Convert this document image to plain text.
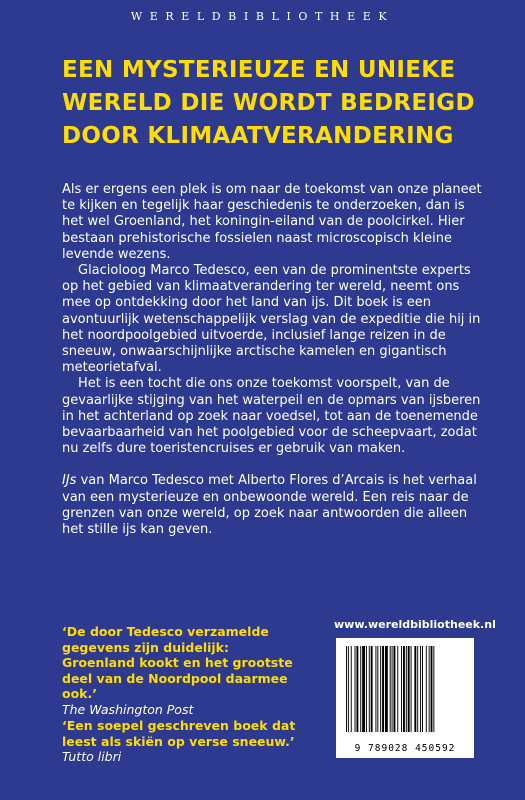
WERELDBIBLIOTHEEK
EEN MYSTERIEUZE EN UNIEKE
WERELD DIE WORDT BEDREIGD
DOOR KLIMAATVERANDERING

Als er ergens een plek is om naar de toekomst van onze planeet te kijken en tegelijk haar geschiedenis te onderzoeken, dan is het wel Groenland, het koningin-eiland van de poolcirkel. Hier bestaan prehistorische fossielen naast microscopisch kleine levende wezens.

Glacioloog Marco Tedesco, een van de prominentste experts op het gebied van klimaatverandering ter wereld, neemt ons mee op ontdekking door het land van ijs. Dit boek is een avontuurlijk wetenschappelijk verslag van de expeditie die hij in het noordpoolgebied uitvoerde, inclusief lange reizen in de sneeuw, onwaarschijnlijke arctische kamelen en gigantisch meteorietafval.

Het is een tocht die ons onze toekomst voorspelt, van de gevaarlijke stijging van het waterpeil en de opmars van ijsberen in het achterland op zoek naar voedsel, tot aan de toenemende bevaarbaarheid van het poolgebied voor de scheepvaart, zodat nu zelfs dure toeristencruises er gebruik van maken.

IJs van Marco Tedesco met Alberto Flores d’Arcais is het verhaal van een mysterieuze en onbewoonde wereld. Een reis naar de grenzen van onze wereld, op zoek naar antwoorden die alleen het stille ijs kan geven.

‘De door Tedesco verzamelde gegevens zijn duidelijk: Groenland kookt en het grootste deel van de Noordpool daarmee ook.’
The Washington Post
‘Een soepel geschreven boek dat leest als skiën op verse sneeuw.’
Tutto libri
www.wereldbibliotheek.nl
9 789028 450592
